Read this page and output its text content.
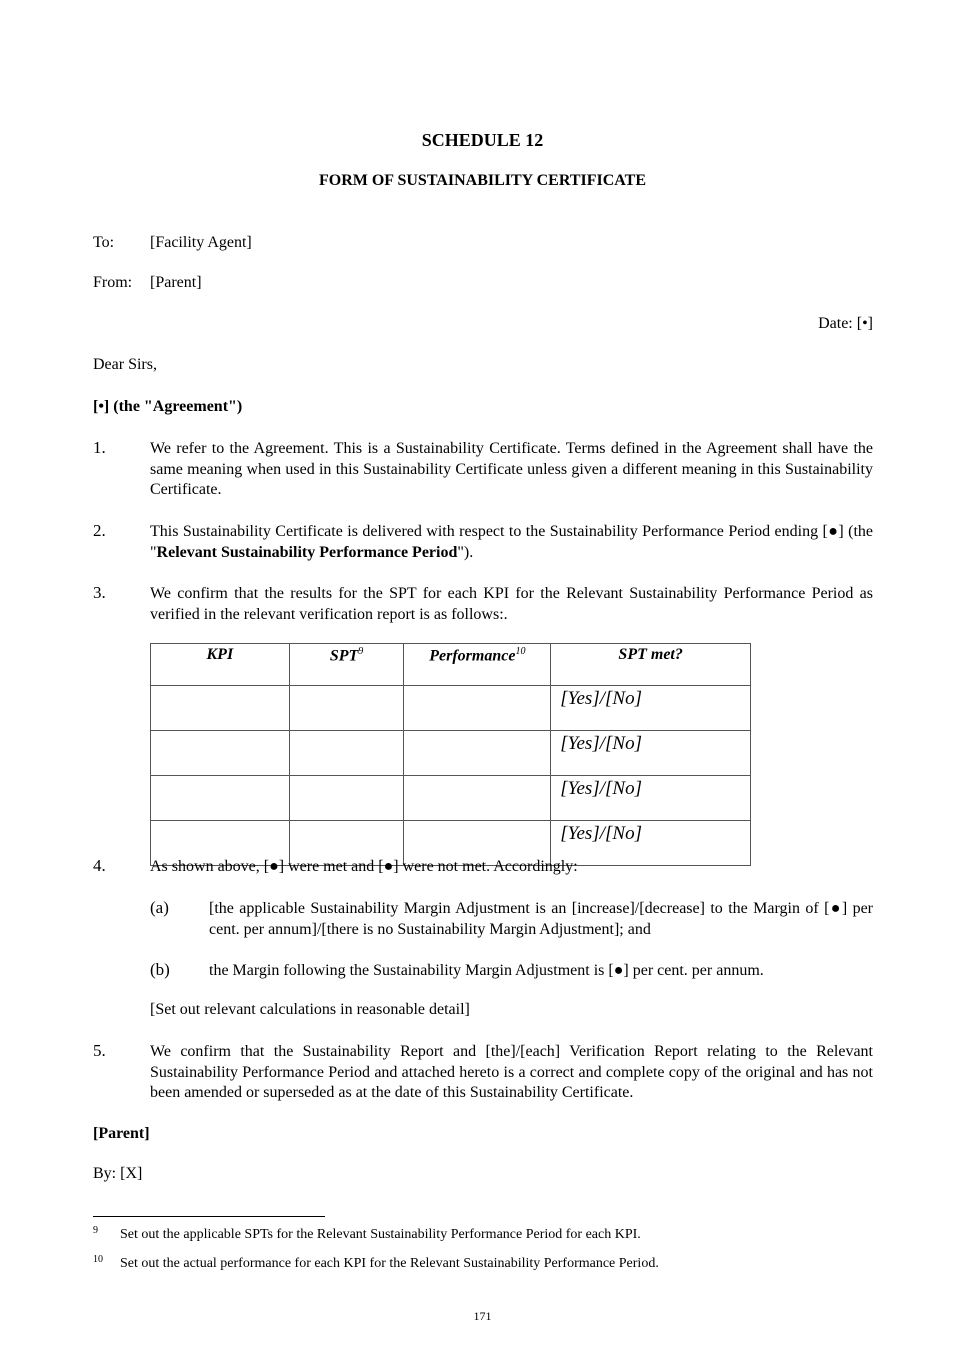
SCHEDULE 12
FORM OF SUSTAINABILITY CERTIFICATE
To: [Facility Agent]
From: [Parent]
Date: [•]
Dear Sirs,
[•] (the "Agreement")
1.	We refer to the Agreement. This is a Sustainability Certificate. Terms defined in the Agreement shall have the same meaning when used in this Sustainability Certificate unless given a different meaning in this Sustainability Certificate.
2.	This Sustainability Certificate is delivered with respect to the Sustainability Performance Period ending [●] (the "Relevant Sustainability Performance Period").
3.	We confirm that the results for the SPT for each KPI for the Relevant Sustainability Performance Period as verified in the relevant verification report is as follows:.
KPI	SPT$^9$	Performance$^{10}$	SPT met?
			[Yes]/[No]
			[Yes]/[No]
			[Yes]/[No]
			[Yes]/[No]
4.	As shown above, [●] were met and [●] were not met. Accordingly:
(a)	[the applicable Sustainability Margin Adjustment is an [increase]/[decrease] to the Margin of [●] per cent. per annum]/[there is no Sustainability Margin Adjustment]; and
(b) the Margin following the Sustainability Margin Adjustment is [●] per cent. per annum.
[Set out relevant calculations in reasonable detail]
5.	We confirm that the Sustainability Report and [the]/[each] Verification Report relating to the Relevant Sustainability Performance Period and attached hereto is a correct and complete copy of the original and has not been amended or superseded as at the date of this Sustainability Certificate.
[Parent]
By: [X]
9 Set out the applicable SPTs for the Relevant Sustainability Performance Period for each KPI.
10 Set out the actual performance for each KPI for the Relevant Sustainability Performance Period.
171
